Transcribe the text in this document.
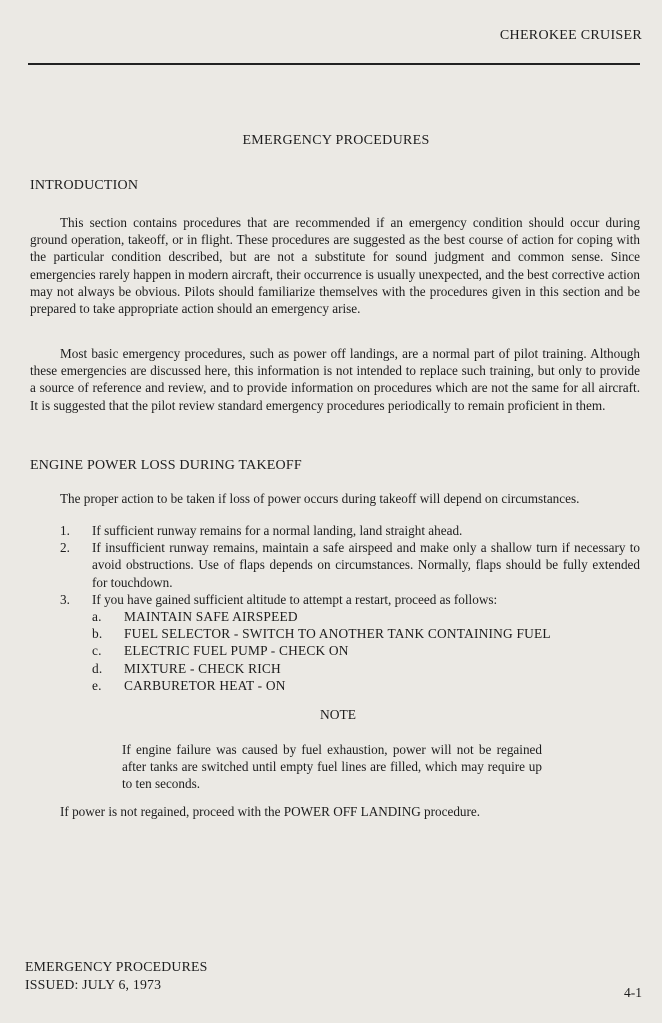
CHEROKEE CRUISER
EMERGENCY PROCEDURES
INTRODUCTION
This section contains procedures that are recommended if an emergency condition should occur during ground operation, takeoff, or in flight. These procedures are suggested as the best course of action for coping with the particular condition described, but are not a substitute for sound judgment and common sense. Since emergencies rarely happen in modern aircraft, their occurrence is usually unexpected, and the best corrective action may not always be obvious. Pilots should familiarize themselves with the procedures given in this section and be prepared to take appropriate action should an emergency arise.
Most basic emergency procedures, such as power off landings, are a normal part of pilot training. Although these emergencies are discussed here, this information is not intended to replace such training, but only to provide a source of reference and review, and to provide information on procedures which are not the same for all aircraft. It is suggested that the pilot review standard emergency procedures periodically to remain proficient in them.
ENGINE POWER LOSS DURING TAKEOFF
The proper action to be taken if loss of power occurs during takeoff will depend on circumstances.
1. If sufficient runway remains for a normal landing, land straight ahead.
2. If insufficient runway remains, maintain a safe airspeed and make only a shallow turn if necessary to avoid obstructions. Use of flaps depends on circumstances. Normally, flaps should be fully extended for touchdown.
3. If you have gained sufficient altitude to attempt a restart, proceed as follows:
a. MAINTAIN SAFE AIRSPEED
b. FUEL SELECTOR - SWITCH TO ANOTHER TANK CONTAINING FUEL
c. ELECTRIC FUEL PUMP - CHECK ON
d. MIXTURE - CHECK RICH
e. CARBURETOR HEAT - ON
NOTE
If engine failure was caused by fuel exhaustion, power will not be regained after tanks are switched until empty fuel lines are filled, which may require up to ten seconds.
If power is not regained, proceed with the POWER OFF LANDING procedure.
EMERGENCY PROCEDURES
ISSUED: JULY 6, 1973
4-1
